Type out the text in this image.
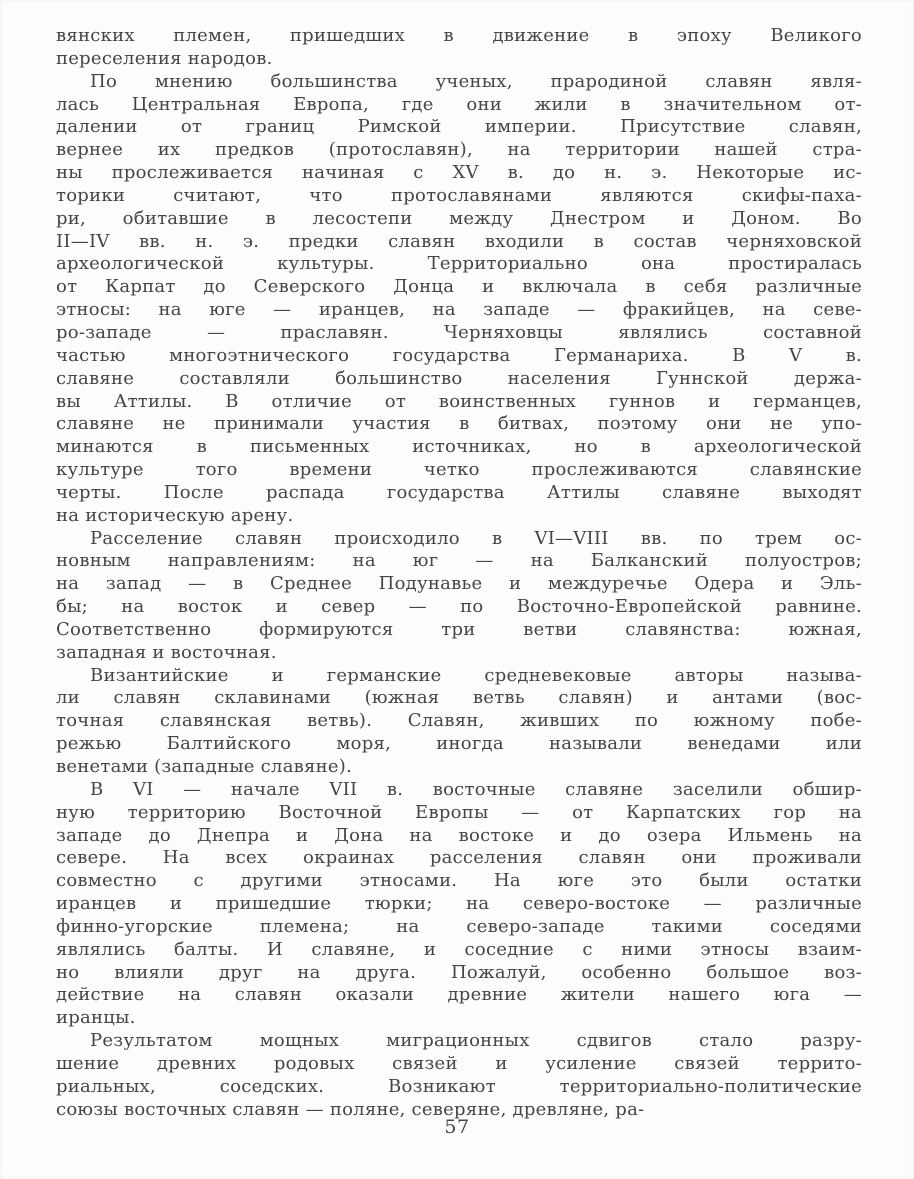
вянских племен, пришедших в движение в эпоху Великого
переселения народов.

По мнению большинства ученых, прародиной славян явля-
лась Центральная Европа, где они жили в значительном от-
далении от границ Римской империи. Присутствие славян,
вернее их предков (протославян), на территории нашей стра-
ны прослеживается начиная с XV в. до н. э. Некоторые ис-
торики считают, что протославянами являются скифы-паха-
ри, обитавшие в лесостепи между Днестром и Доном. Во
II—IV вв. н. э. предки славян входили в состав черняховской
археологической культуры. Территориально она простиралась
от Карпат до Северского Донца и включала в себя различные
этносы: на юге — иранцев, на западе — фракийцев, на севе-
ро-западе — праславян. Черняховцы являлись составной
частью многоэтнического государства Германариха. В V в.
славяне составляли большинство населения Гуннской держа-
вы Аттилы. В отличие от воинственных гуннов и германцев,
славяне не принимали участия в битвах, поэтому они не упо-
минаются в письменных источниках, но в археологической
культуре того времени четко прослеживаются славянские
черты. После распада государства Аттилы славяне выходят
на историческую арену.

Расселение славян происходило в VI—VIII вв. по трем ос-
новным направлениям: на юг — на Балканский полуостров;
на запад — в Среднее Подунавье и междуречье Одера и Эль-
бы; на восток и север — по Восточно-Европейской равнине.
Соответственно формируются три ветви славянства: южная,
западная и восточная.

Византийские и германские средневековые авторы называ-
ли славян склавинами (южная ветвь славян) и антами (вос-
точная славянская ветвь). Славян, живших по южному побе-
режью Балтийского моря, иногда называли венедами или
венетами (западные славяне).

В VI — начале VII в. восточные славяне заселили обшир-
ную территорию Восточной Европы — от Карпатских гор на
западе до Днепра и Дона на востоке и до озера Ильмень на
севере. На всех окраинах расселения славян они проживали
совместно с другими этносами. На юге это были остатки
иранцев и пришедшие тюрки; на северо-востоке — различные
финно-угорские племена; на северо-западе такими соседями
являлись балты. И славяне, и соседние с ними этносы взаим-
но влияли друг на друга. Пожалуй, особенно большое воз-
действие на славян оказали древние жители нашего юга —
иранцы.

Результатом мощных миграционных сдвигов стало разру-
шение древних родовых связей и усиление связей террито-
риальных, соседских. Возникают территориально-политические
союзы восточных славян — поляне, северяне, древляне, ра-

57
